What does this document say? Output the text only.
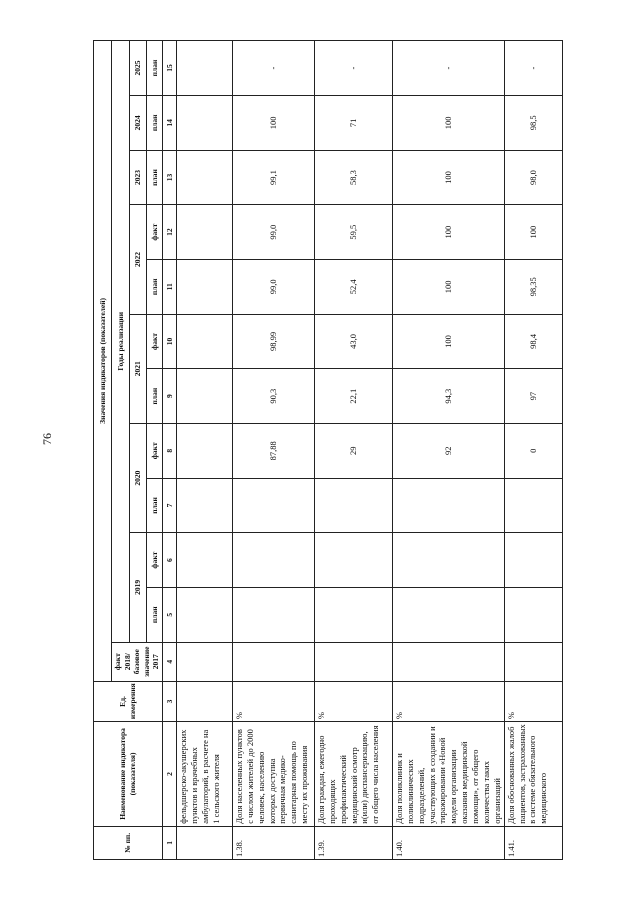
76
№ пп.	Наименование индикатора (показателя)	Ед. измерения	Значения индикаторов (показателей)											
			факт 2018/базовое значение 2017	Годы реализации										
				2019		2020		2021		2022		2023	2024	2025
				план	факт	план	факт	план	факт	план	факт	план	план	план
1	2	3	4	5	6	7	8	9	10	11	12	13	14	15
	фельдшерско-акушерских пунктов и врачебных амбулаторий, в расчете на 1 сельского жителя													
1.38.	Доля населенных пунктов с числом жителей до 2000 человек, населению которых доступна первичная медико-санитарная помощь по месту их проживания	%					87,88	90,3	98,99	99,0	99,0	99,1	100	-
1.39.	Доля граждан, ежегодно проходящих профилактический медицинский осмотр и(или) диспансеризацию, от общего числа населения	%					29	22,1	43,0	52,4	59,5	58,3	71	-
1.40.	Доля поликлиник и поликлинических подразделений, участвующих в создании и тиражировании «Новой модели организации оказания медицинской помощи», от общего количества таких организаций	%					92	94,3	100	100	100	100	100	-
1.41.	Доля обоснованных жалоб пациентов, застрахованных в системе обязательного медицинского	%					0	97	98,4	98,35	100	98,0	98,5	-
